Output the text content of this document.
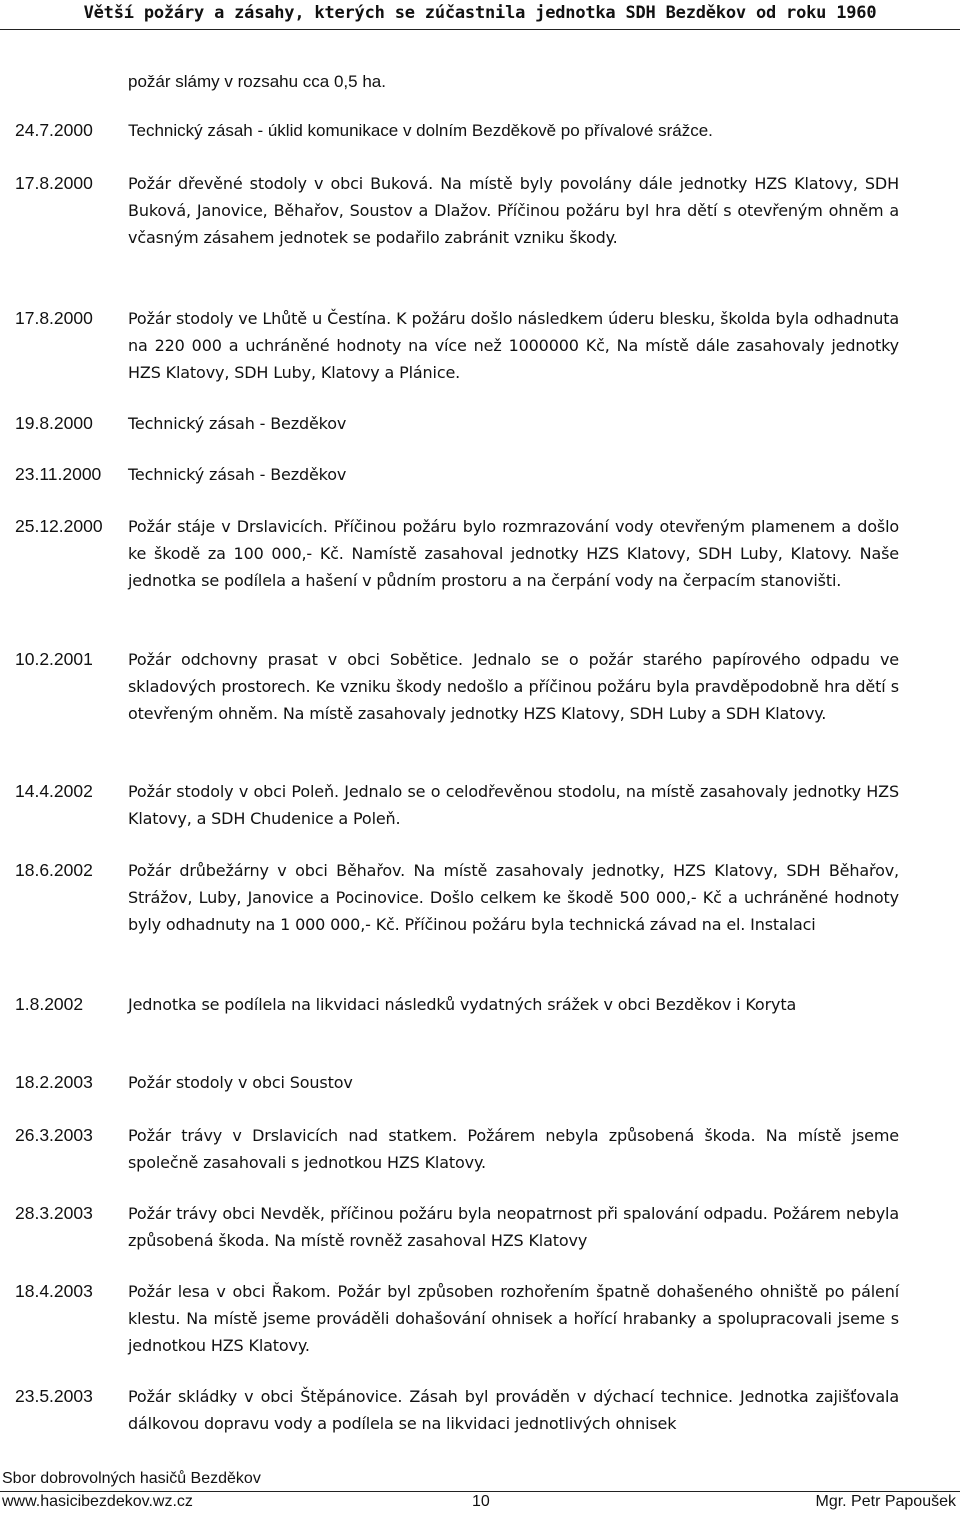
Větší požáry a zásahy, kterých se zúčastnila jednotka SDH Bezděkov od roku 1960
požár slámy v rozsahu cca 0,5 ha.
24.7.2000	Technický zásah - úklid komunikace v dolním Bezděkově po přívalové srážce.
17.8.2000	Požár dřevěné stodoly v obci Buková. Na místě byly povolány dále jednotky HZS Klatovy, SDH Buková, Janovice, Běhařov, Soustov a Dlažov. Příčinou požáru byl hra dětí s otevřeným ohněm a včasným zásahem jednotek se podařilo zabránit vzniku škody.
17.8.2000	Požár stodoly ve Lhůtě u Čestína. K požáru došlo následkem úderu blesku, školda byla odhadnuta na 220 000 a uchráněné hodnoty na více než 1000000 Kč, Na místě dále zasahovaly jednotky HZS Klatovy, SDH Luby, Klatovy a Plánice.
19.8.2000	Technický zásah - Bezděkov
23.11.2000	Technický zásah - Bezděkov
25.12.2000	Požár stáje v Drslavicích. Příčinou požáru bylo rozmrazování vody otevřeným plamenem a došlo ke škodě za 100 000,- Kč. Namístě zasahoval jednotky HZS Klatovy, SDH Luby, Klatovy. Naše jednotka se podílela a hašení v půdním prostoru a na čerpání vody na čerpacím stanovišti.
10.2.2001	Požár odchovny prasat v obci Sobětice. Jednalo se o požár starého papírového odpadu ve skladových prostorech. Ke vzniku škody nedošlo a příčinou požáru byla pravděpodobně hra dětí s otevřeným ohněm. Na místě zasahovaly jednotky HZS Klatovy, SDH Luby a SDH Klatovy.
14.4.2002	Požár stodoly v obci Poleň. Jednalo se o celodřevěnou stodolu, na místě zasahovaly jednotky HZS Klatovy, a SDH Chudenice a Poleň.
18.6.2002	Požár drůbežárny v obci Běhařov. Na místě zasahovaly jednotky, HZS Klatovy, SDH Běhařov, Strážov, Luby, Janovice a Pocinovice. Došlo celkem ke škodě 500 000,- Kč a uchráněné hodnoty byly odhadnuty na 1 000 000,- Kč. Příčinou požáru byla technická závad na el. Instalaci
1.8.2002	Jednotka se podílela na likvidaci následků vydatných srážek v obci Bezděkov i Koryta
18.2.2003	Požár stodoly v obci Soustov
26.3.2003	Požár trávy v Drslavicích nad statkem. Požárem nebyla způsobená škoda. Na místě jseme společně zasahovali s jednotkou HZS Klatovy.
28.3.2003	Požár trávy obci Nevděk, příčinou požáru byla neopatrnost při spalování odpadu. Požárem nebyla způsobená škoda. Na místě rovněž zasahoval HZS Klatovy
18.4.2003	Požár lesa v obci Řakom. Požár byl způsoben rozhořením špatně dohašeného ohniště po pálení klestu. Na místě jseme prováděli dohašování ohnisek a hořící hrabanky a spolupracovali jseme s jednotkou HZS Klatovy.
23.5.2003	Požár skládky v obci Štěpánovice. Zásah byl prováděn v dýchací technice. Jednotka zajišťovala dálkovou dopravu vody a podílela se na likvidaci jednotlivých ohnisek
Sbor dobrovolných hasičů Bezděkov
www.hasicibezdekov.wz.cz	10	Mgr. Petr Papoušek
